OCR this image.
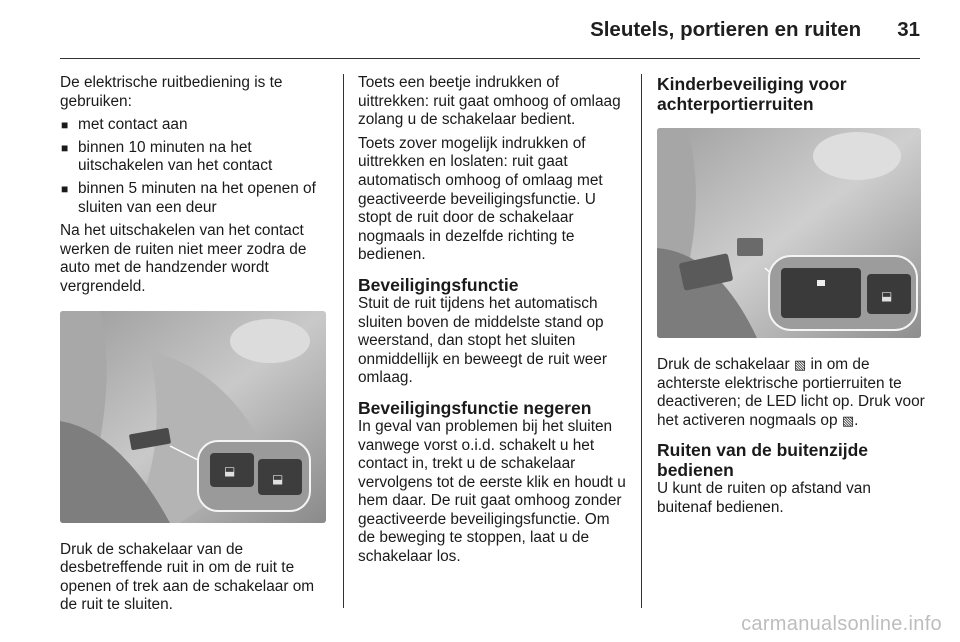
Sleutels, portieren en ruiten 31

De elektrische ruitbediening is te gebruiken:

■ met contact aan
■ binnen 10 minuten na het uitschakelen van het contact
■ binnen 5 minuten na het openen of sluiten van een deur

Na het uitschakelen van het contact werken de ruiten niet meer zodra de auto met de handzender wordt vergrendeld.

⬓
⬓

Druk de schakelaar van de desbetreffende ruit in om de ruit te openen of trek aan de schakelaar om de ruit te sluiten.

Toets een beetje indrukken of uittrekken: ruit gaat omhoog of omlaag zolang u de schakelaar bedient.

Toets zover mogelijk indrukken of uittrekken en loslaten: ruit gaat automatisch omhoog of omlaag met geactiveerde beveiligingsfunctie. U stopt de ruit door de schakelaar nogmaals in dezelfde richting te bedienen.

Beveiligingsfunctie

Stuit de ruit tijdens het automatisch sluiten boven de middelste stand op weerstand, dan stopt het sluiten onmiddellijk en beweegt de ruit weer omlaag.

Beveiligingsfunctie negeren

In geval van problemen bij het sluiten vanwege vorst o.i.d. schakelt u het contact in, trekt u de schakelaar vervolgens tot de eerste klik en houdt u hem daar. De ruit gaat omhoog zonder geactiveerde beveiligingsfunctie. Om de beweging te stoppen, laat u de schakelaar los.

Kinderbeveiliging voor achterportierruiten
⬓

Druk de schakelaar ▧ in om de achterste elektrische portierruiten te deactiveren; de LED licht op. Druk voor het activeren nogmaals op ▧.

Ruiten van de buitenzijde bedienen

U kunt de ruiten op afstand van buitenaf bedienen.

carmanualsonline.info
